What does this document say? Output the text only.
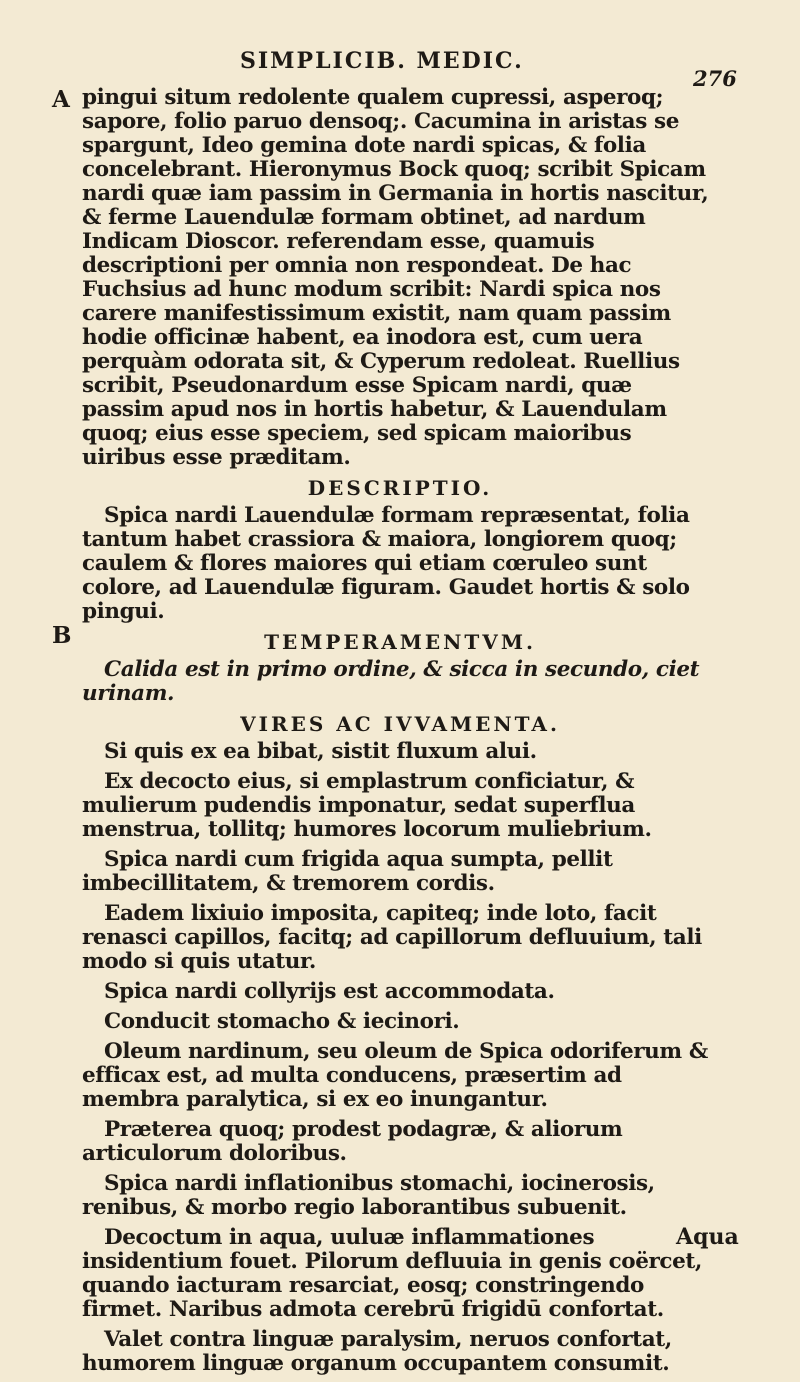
SIMPLICIB. MEDIC.
276
A
B

pingui situm redolente qualem cupressi, asperoq; sapore, folio paruo densoq;. Cacumina in aristas se spargunt, Ideo gemina dote nardi spicas, & folia concelebrant. Hieronymus Bock quoq; scribit Spicam nardi quæ iam passim in Germania in hortis nascitur, & ferme Lauendulæ formam obtinet, ad nardum Indicam Dioscor. referendam esse, quamuis descriptioni per omnia non respondeat. De hac Fuchsius ad hunc modum scribit: Nardi spica nos carere manifestissimum existit, nam quam passim hodie officinæ habent, ea inodora est, cum uera perquàm odorata sit, & Cyperum redoleat. Ruellius scribit, Pseudonardum esse Spicam nardi, quæ passim apud nos in hortis habetur, & Lauendulam quoq; eius esse speciem, sed spicam maioribus uiribus esse præditam.

DESCRIPTIO.

Spica nardi Lauendulæ formam repræsentat, folia tantum habet crassiora & maiora, longiorem quoq; caulem & flores maiores qui etiam cœruleo sunt colore, ad Lauendulæ figuram. Gaudet hortis & solo pingui.

TEMPERAMENTVM.

Calida est in primo ordine, & sicca in secundo, ciet urinam.

VIRES AC IVVAMENTA.

Si quis ex ea bibat, sistit fluxum alui.

Ex decocto eius, si emplastrum conficiatur, & mulierum pudendis imponatur, sedat superflua menstrua, tollitq; humores locorum muliebrium.

Spica nardi cum frigida aqua sumpta, pellit imbecillitatem, & tremorem cordis.

Eadem lixiuio imposita, capiteq; inde loto, facit renasci capillos, facitq; ad capillorum defluuium, tali modo si quis utatur.

Spica nardi collyrijs est accommodata.

Conducit stomacho & iecinori.

Oleum nardinum, seu oleum de Spica odoriferum & efficax est, ad multa conducens, præsertim ad membra paralytica, si ex eo inungantur.

Præterea quoq; prodest podagræ, & aliorum articulorum doloribus.

Spica nardi inflationibus stomachi, iocinerosis, renibus, & morbo regio laborantibus subuenit.

Decoctum in aqua, uuluæ inflammationes insidentium fouet. Pilorum defluuia in genis coërcet, quando iacturam resarciat, eosq; constringendo firmet. Naribus admota cerebrū frigidū confortat.

Valet contra linguæ paralysim, neruos confortat, humorem linguæ organum occupantem consumit.

Aqua
